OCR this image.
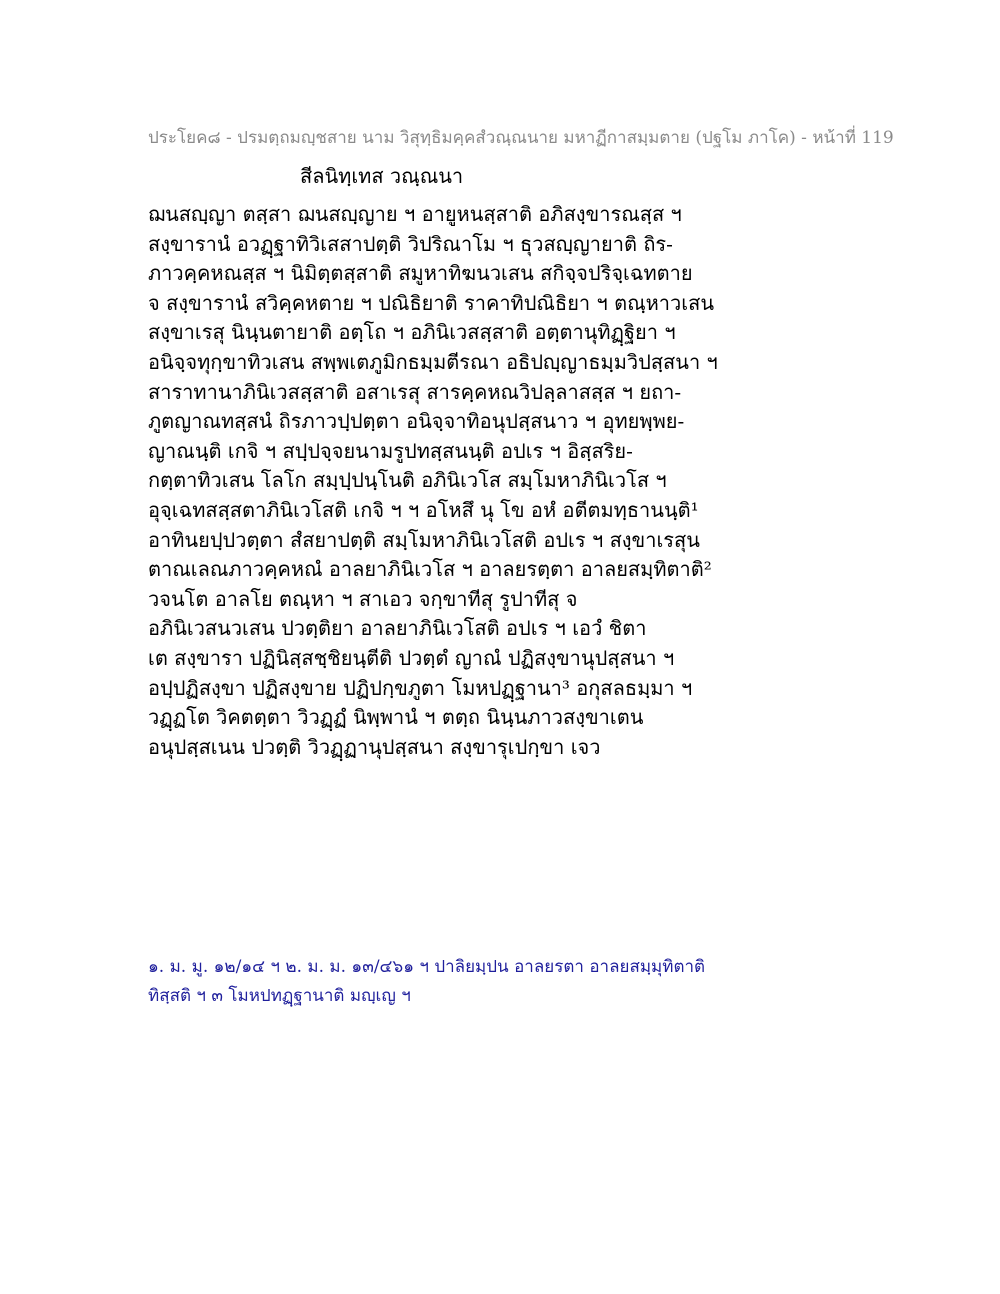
ประโยค๘ - ปรมตฺถมญฺชสาย นาม วิสุทฺธิมคฺคสํวณฺณนาย มหาฏีกาสมฺมตาย (ปฐโม ภาโค) - หน้าที่ 119
สีลนิทฺเทส วณฺณนา
ฌนสญฺญา ตสฺสา ฌนสญฺญาย ฯ อายูหนสฺสาติ อภิสงฺขารณสฺส ฯ
สงฺขารานํ อวฏฺฐาทิวิเสสาปตฺติ วิปริณาโม ฯ ธุวสญฺญายาติ ถิร-
ภาวคฺคหณสฺส ฯ นิมิตฺตสฺสาติ สมูหาทิฆนวเสน สกิจฺจปริจฺเฉทตาย
จ สงฺขารานํ สวิคฺคหตาย ฯ ปณิธิยาติ ราคาทิปณิธิยา ฯ ตณฺหาวเสน
สงฺขาเรสุ นินฺนตายาติ อตฺโถ ฯ อภินิเวสสฺสาติ อตฺตานุทิฏฺฐิยา ฯ
อนิจฺจทุกฺขาทิวเสน สพฺพเตภูมิกธมฺมตีรณา อธิปญฺญาธมฺมวิปสฺสนา ฯ
สาราทานาภินิเวสสฺสาติ อสาเรสุ สารคฺคหณวิปลฺลาสสฺส ฯ ยถา-
ภูตญาณทสฺสนํ ถิรภาวปฺปตฺตา อนิจฺจาทิอนุปสฺสนาว ฯ อุทยพฺพย-
ญาณนฺติ เกจิ ฯ สปฺปจฺจยนามรูปทสฺสนนฺติ อปเร ฯ อิสฺสริย-
กตฺตาทิวเสน โลโก สมฺปฺปนฺโนติ อภินิเวโส สมฺโมหาภินิเวโส ฯ
อุจฺเฉทสสฺสตาภินิเวโสติ เกจิ ฯ ฯ อโหสึ นุ โข อหํ อตีตมทฺธานนฺติ¹
อาทินยปฺปวตฺตา สํสยาปตฺติ สมฺโมหาภินิเวโสติ อปเร ฯ สงฺขาเรสุน
ตาณเลณภาวคฺคหณํ อาลยาภินิเวโส ฯ อาลยรตฺตา อาลยสมฺทิตาติ²
วจนโต อาลโย ตณฺหา ฯ สาเอว จกฺขาทีสุ รูปาทีสุ จ
อภินิเวสนวเสน ปวตฺติยา อาลยาภินิเวโสติ อปเร ฯ เอวํ ชิตา
เต สงฺขารา ปฏินิสฺสชฺชิยนฺตีติ ปวตฺตํ ญาณํ ปฏิสงฺขานุปสฺสนา ฯ
อปฺปฏิสงฺขา ปฏิสงฺขาย ปฏิปกฺขภูตา โมหปฏฺฐานา³ อกุสลธมฺมา ฯ
วฏฺฏโต วิคตตฺตา วิวฏฺฏํ นิพฺพานํ ฯ ตตฺถ นินฺนภาวสงฺขาเตน
อนุปสฺสเนน ปวตฺติ วิวฏฺฏานุปสฺสนา สงฺขารุเปกฺขา เจว
๑. ม. มู. ๑๒/๑๔ ฯ ๒. ม. ม. ๑๓/๔๖๑ ฯ ปาลิยมฺปน อาลยรตา อาลยสมฺมุทิตาติ
ทิสฺสติ ฯ ๓ โมหปทฏฺฐานาติ มญฺเญ ฯ
